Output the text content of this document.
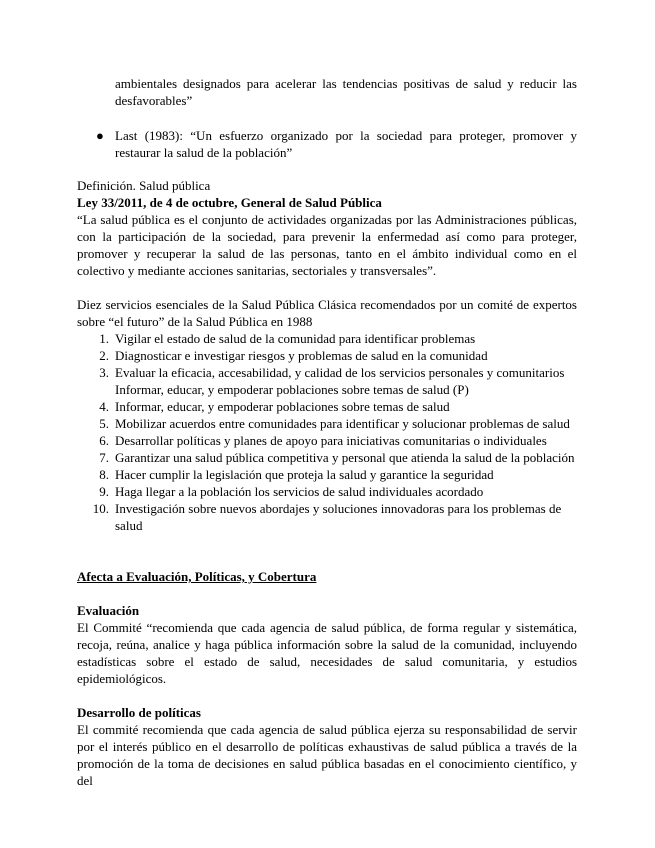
ambientales designados para acelerar las tendencias positivas de salud y reducir las desfavorables”
● Last (1983): “Un esfuerzo organizado por la sociedad para proteger, promover y restaurar la salud de la población”
Definición. Salud pública
Ley 33/2011, de 4 de octubre, General de Salud Pública
“La salud pública es el conjunto de actividades organizadas por las Administraciones públicas, con la participación de la sociedad, para prevenir la enfermedad así como para proteger, promover y recuperar la salud de las personas, tanto en el ámbito individual como en el colectivo y mediante acciones sanitarias, sectoriales y transversales”.
Diez servicios esenciales de la Salud Pública Clásica recomendados por un comité de expertos sobre “el futuro” de la Salud Pública en 1988
1. Vigilar el estado de salud de la comunidad para identificar problemas
2. Diagnosticar e investigar riesgos y problemas de salud en la comunidad
3. Evaluar la eficacia, accesabilidad, y calidad de los servicios personales y comunitarios Informar, educar, y empoderar poblaciones sobre temas de salud (P)
4. Informar, educar, y empoderar poblaciones sobre temas de salud
5. Mobilizar acuerdos entre comunidades para identificar y solucionar problemas de salud
6. Desarrollar políticas y planes de apoyo para iniciativas comunitarias o individuales
7. Garantizar una salud pública competitiva y personal que atienda la salud de la población
8. Hacer cumplir la legislación que proteja la salud y garantice la seguridad
9. Haga llegar a la población los servicios de salud individuales acordado
10. Investigación sobre nuevos abordajes y soluciones innovadoras para los problemas de salud
Afecta a Evaluación, Políticas, y Cobertura
Evaluación
El Commité “recomienda que cada agencia de salud pública, de forma regular y sistemática, recoja, reúna, analice y haga pública información sobre la salud de la comunidad, incluyendo estadísticas sobre el estado de salud, necesidades de salud comunitaria, y estudios epidemiológicos.
Desarrollo de políticas
El commité recomienda que cada agencia de salud pública ejerza su responsabilidad de servir por el interés público en el desarrollo de políticas exhaustivas de salud pública a través de la promoción de la toma de decisiones en salud pública basadas en el conocimiento científico, y del
